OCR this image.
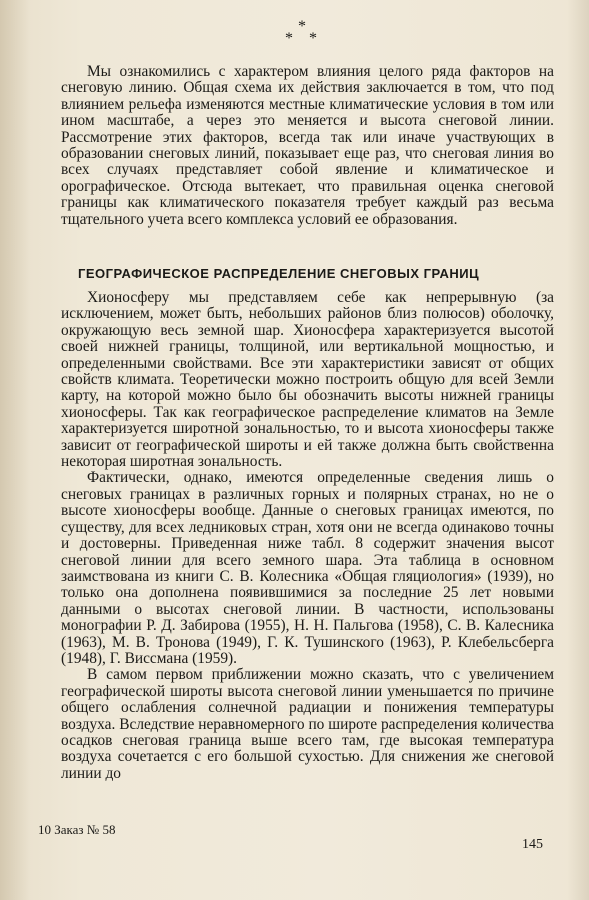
*
* *

Мы ознакомились с характером влияния целого ряда факторов на снеговую линию. Общая схема их действия заключается в том, что под влиянием рельефа изменяются местные климатические условия в том или ином масштабе, а через это меняется и высота снеговой линии. Рассмотрение этих факторов, всегда так или иначе участвующих в образовании снеговых линий, показывает еще раз, что снеговая линия во всех случаях представляет собой явление и климатическое и орографическое. Отсюда вытекает, что правильная оценка снеговой границы как климатического показателя требует каждый раз весьма тщательного учета всего комплекса условий ее образования.

ГЕОГРАФИЧЕСКОЕ РАСПРЕДЕЛЕНИЕ СНЕГОВЫХ ГРАНИЦ

Хионосферу мы представляем себе как непрерывную (за исключением, может быть, небольших районов близ полюсов) оболочку, окружающую весь земной шар. Хионосфера характеризуется высотой своей нижней границы, толщиной, или вертикальной мощностью, и определенными свойствами. Все эти характеристики зависят от общих свойств климата. Теоретически можно построить общую для всей Земли карту, на которой можно было бы обозначить высоты нижней границы хионосферы. Так как географическое распределение климатов на Земле характеризуется широтной зональностью, то и высота хионосферы также зависит от географической широты и ей также должна быть свойственна некоторая широтная зональность.

Фактически, однако, имеются определенные сведения лишь о снеговых границах в различных горных и полярных странах, но не о высоте хионосферы вообще. Данные о снеговых границах имеются, по существу, для всех ледниковых стран, хотя они не всегда одинаково точны и достоверны. Приведенная ниже табл. 8 содержит значения высот снеговой линии для всего земного шара. Эта таблица в основном заимствована из книги С. В. Колесника «Общая гляциология» (1939), но только она дополнена появившимися за последние 25 лет новыми данными о высотах снеговой линии. В частности, использованы монографии Р. Д. Забирова (1955), Н. Н. Пальгова (1958), С. В. Калесника (1963), М. В. Тронова (1949), Г. К. Тушинского (1963), Р. Клебельсберга (1948), Г. Виссмана (1959).

В самом первом приближении можно сказать, что с увеличением географической широты высота снеговой линии уменьшается по причине общего ослабления солнечной радиации и понижения температуры воздуха. Вследствие неравномерного по широте распределения количества осадков снеговая граница выше всего там, где высокая температура воздуха сочетается с его большой сухостью. Для снижения же снеговой линии до

10 Заказ № 58
145
